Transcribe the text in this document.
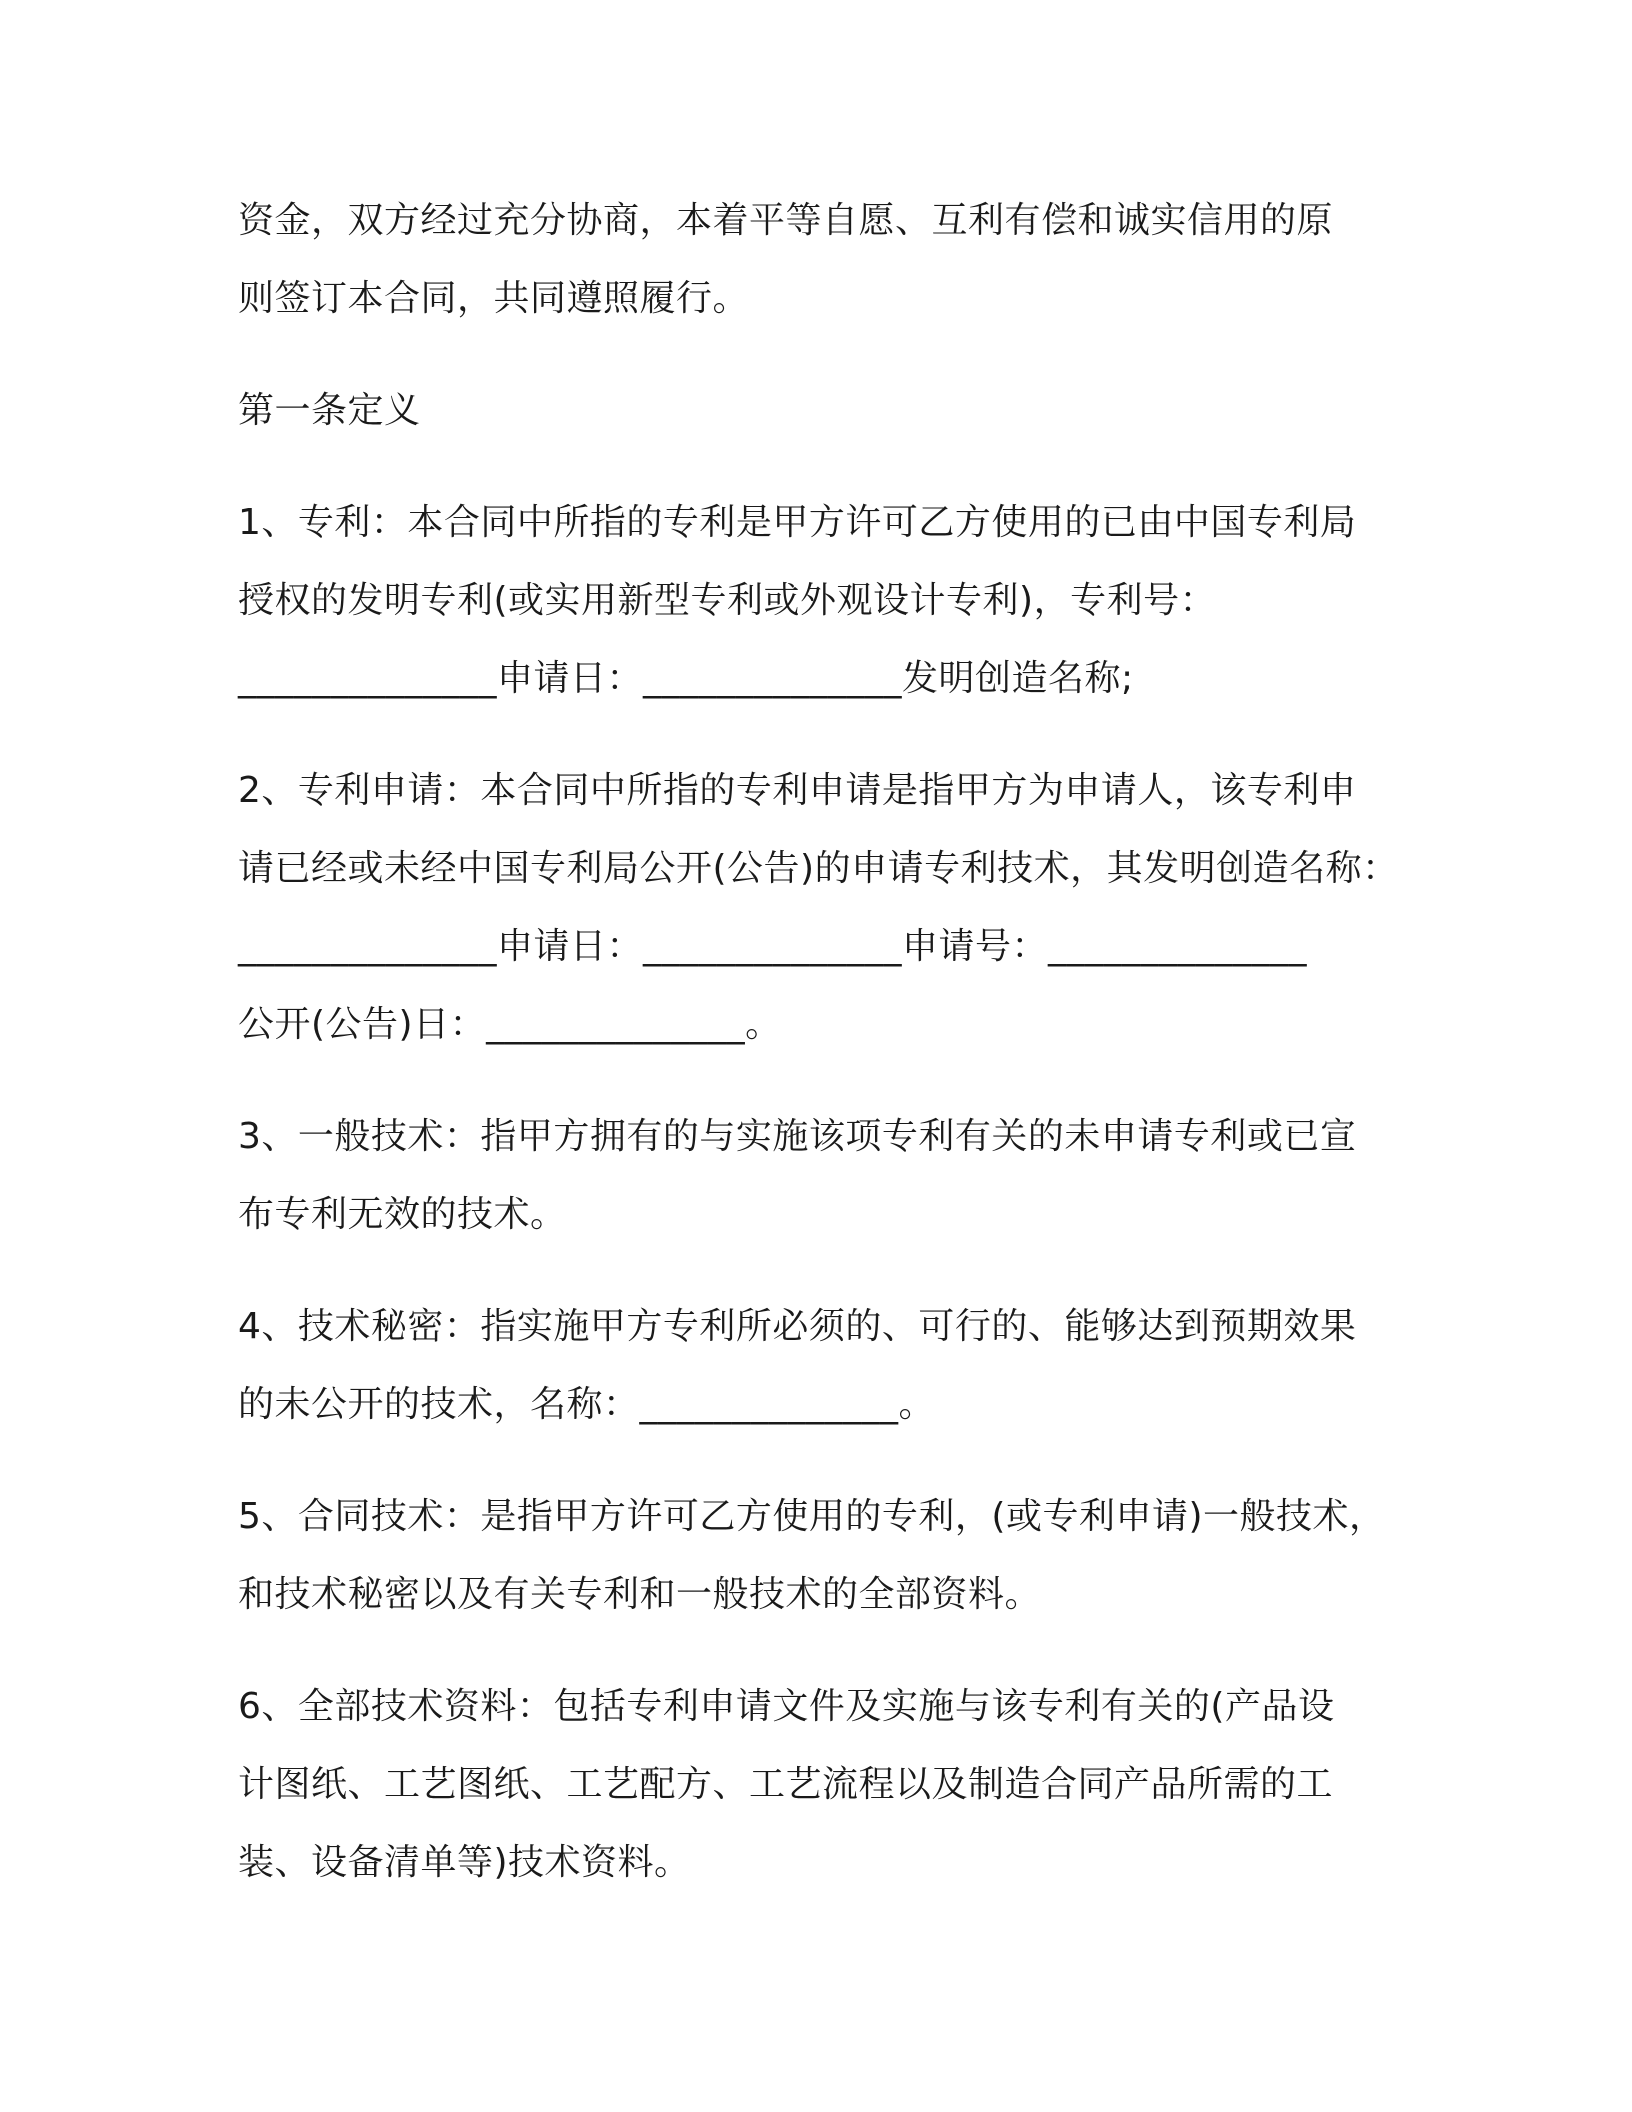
资金，双方经过充分协商，本着平等自愿、互利有偿和诚实信用的原
则签订本合同，共同遵照履行。

第一条定义

1、专利：本合同中所指的专利是甲方许可乙方使用的已由中国专利局
授权的发明专利(或实用新型专利或外观设计专利)，专利号：
______________申请日：______________发明创造名称;

2、专利申请：本合同中所指的专利申请是指甲方为申请人，该专利申
请已经或未经中国专利局公开(公告)的申请专利技术，其发明创造名称：
______________申请日：______________申请号：______________
公开(公告)日：______________。

3、一般技术：指甲方拥有的与实施该项专利有关的未申请专利或已宣
布专利无效的技术。

4、技术秘密：指实施甲方专利所必须的、可行的、能够达到预期效果
的未公开的技术，名称：______________。

5、合同技术：是指甲方许可乙方使用的专利，(或专利申请)一般技术，
和技术秘密以及有关专利和一般技术的全部资料。

6、全部技术资料：包括专利申请文件及实施与该专利有关的(产品设
计图纸、工艺图纸、工艺配方、工艺流程以及制造合同产品所需的工
装、设备清单等)技术资料。
